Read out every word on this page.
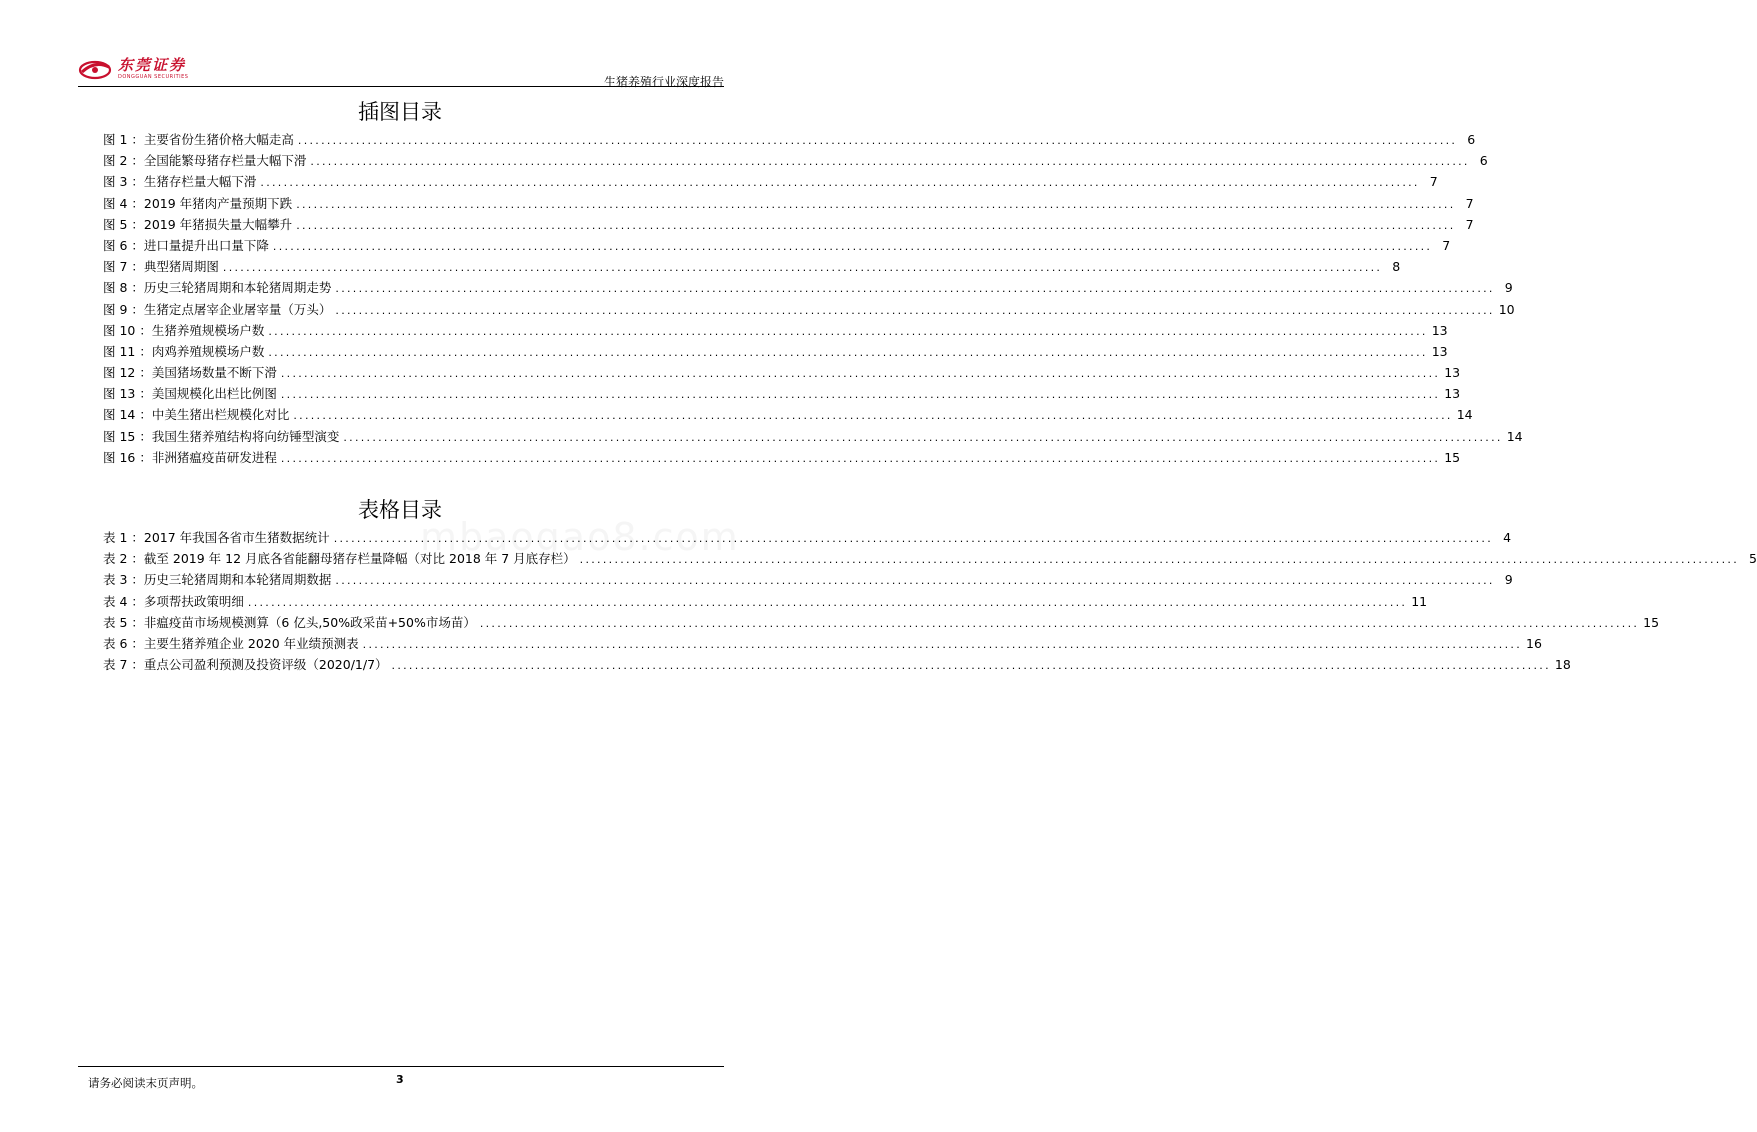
东莞证券
DONGGUAN SECURITIES	生猪养殖行业深度报告
插图目录
图 1 ：主要省份生猪价格大幅走高 ........................................................................................................................................................................................................ 6
图 2 ：全国能繁母猪存栏量大幅下滑 ........................................................................................................................................................................................................ 6
图 3 ：生猪存栏量大幅下滑 ........................................................................................................................................................................................................ 7
图 4 ：2019 年猪肉产量预期下跌 ........................................................................................................................................................................................................ 7
图 5 ：2019 年猪损失量大幅攀升 ........................................................................................................................................................................................................ 7
图 6 ：进口量提升出口量下降 ........................................................................................................................................................................................................ 7
图 7 ：典型猪周期图 ........................................................................................................................................................................................................ 8
图 8 ：历史三轮猪周期和本轮猪周期走势 ........................................................................................................................................................................................................ 9
图 9 ：生猪定点屠宰企业屠宰量（万头） ........................................................................................................................................................................................................ 10
图 10 ：生猪养殖规模场户数 ........................................................................................................................................................................................................ 13
图 11 ：肉鸡养殖规模场户数 ........................................................................................................................................................................................................ 13
图 12 ：美国猪场数量不断下滑 ........................................................................................................................................................................................................ 13
图 13 ：美国规模化出栏比例图 ........................................................................................................................................................................................................ 13
图 14 ：中美生猪出栏规模化对比 ........................................................................................................................................................................................................ 14
图 15 ：我国生猪养殖结构将向纺锤型演变 ........................................................................................................................................................................................................ 14
图 16 ：非洲猪瘟疫苗研发进程 ........................................................................................................................................................................................................ 15
表格目录
表 1 ：2017 年我国各省市生猪数据统计 ........................................................................................................................................................................................................ 4
表 2 ：截至 2019 年 12 月底各省能翻母猪存栏量降幅（对比 2018 年 7 月底存栏） ........................................................................................................................................................................................................ 5
表 3 ：历史三轮猪周期和本轮猪周期数据 ........................................................................................................................................................................................................ 9
表 4 ：多项帮扶政策明细 ........................................................................................................................................................................................................ 11
表 5 ：非瘟疫苗市场规模测算（6 亿头,50%政采苗+50%市场苗） ........................................................................................................................................................................................................ 15
表 6 ：主要生猪养殖企业 2020 年业绩预测表 ........................................................................................................................................................................................................ 16
表 7 ：重点公司盈利预测及投资评级（2020/1/7） ........................................................................................................................................................................................................ 18
mbaogao8.com
请务必阅读末页声明。	3
